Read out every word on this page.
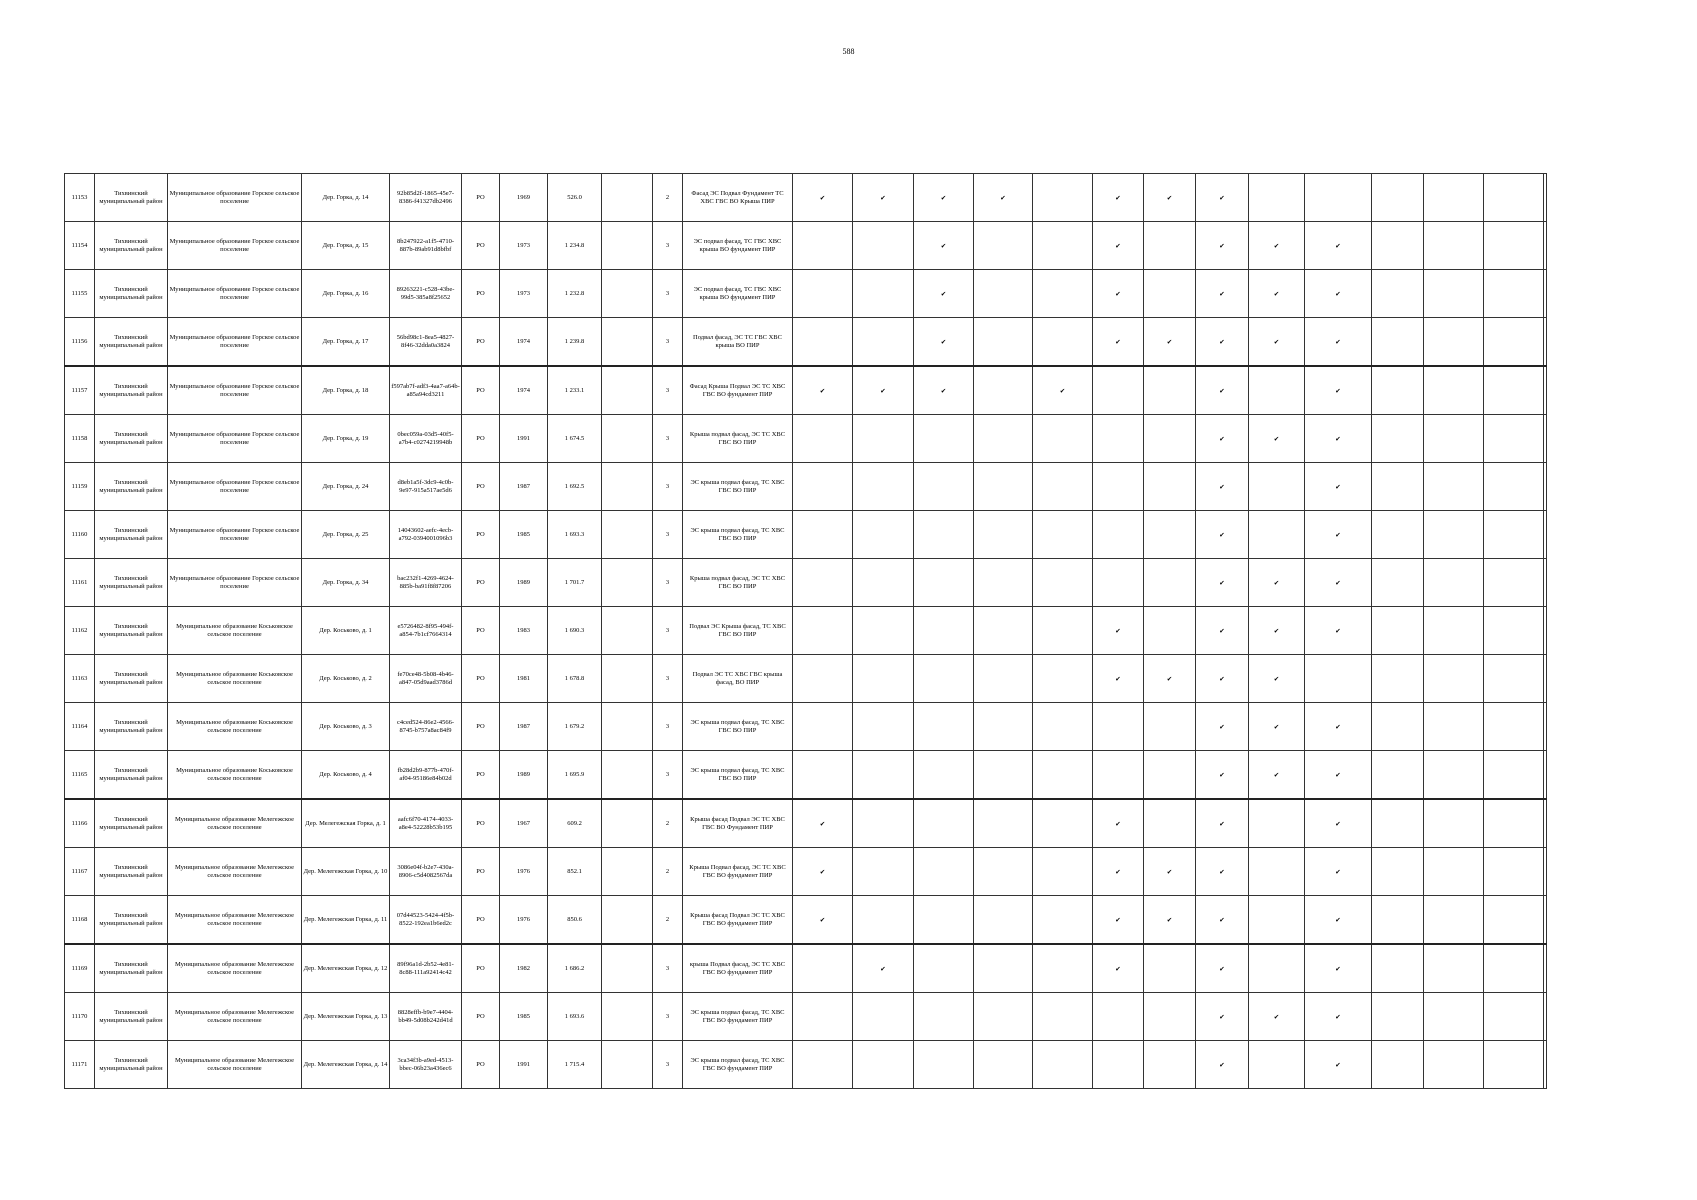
588
11153	Тихвинский муниципальный район	Муниципальное образование Горское сельское поселение	Дер. Горка, д. 14	92b85d2f-1865-45e7-8386-f41327db2496	РО	1969	526.0		2	Фасад ЭС Подвал Фундамент ТС ХВС ГВС ВО Крыша ПИР	✔	✔	✔	✔		✔	✔	✔						
11154	Тихвинский муниципальный район	Муниципальное образование Горское сельское поселение	Дер. Горка, д. 15	8b247922-a1f5-4710-887b-89ab91d8bfbf	РО	1973	1 234.8		3	ЭС подвал фасад, ТС ГВС ХВС крыша ВО фундамент ПИР			✔			✔		✔	✔	✔				
11155	Тихвинский муниципальный район	Муниципальное образование Горское сельское поселение	Дер. Горка, д. 16	89263221-c528-43be-99d5-385a8f25652	РО	1973	1 232.8		3	ЭС подвал фасад, ТС ГВС ХВС крыша ВО фундамент ПИР			✔			✔		✔	✔	✔				
11156	Тихвинский муниципальный район	Муниципальное образование Горское сельское поселение	Дер. Горка, д. 17	56bd98c1-8ea5-4827-8f46-32dda0a3824	РО	1974	1 239.8		3	Подвал фасад, ЭС ТС ГВС ХВС крыша ВО ПИР			✔			✔	✔	✔	✔	✔				
11157	Тихвинский муниципальный район	Муниципальное образование Горское сельское поселение	Дер. Горка, д. 18	f597ab7f-adf3-4aa7-a64b-a85a94cd3211	РО	1974	1 233.1		3	Фасад Крыша Подвал ЭС ТС ХВС ГВС ВО фундамент ПИР	✔	✔	✔		✔			✔		✔				
11158	Тихвинский муниципальный район	Муниципальное образование Горское сельское поселение	Дер. Горка, д. 19	0bec059a-03d5-40f5-a7b4-c0274219948b	РО	1991	1 674.5		3	Крыша подвал фасад, ЭС ТС ХВС ГВС ВО ПИР								✔	✔	✔				
11159	Тихвинский муниципальный район	Муниципальное образование Горское сельское поселение	Дер. Горка, д. 24	d8eb1a5f-3dc9-4c0b-9e97-915a517ae5d6	РО	1987	1 692.5		3	ЭС крыша подвал фасад, ТС ХВС ГВС ВО ПИР								✔		✔				
11160	Тихвинский муниципальный район	Муниципальное образование Горское сельское поселение	Дер. Горка, д. 25	14043602-aefc-4ecb-a792-0394001096b3	РО	1985	1 693.3		3	ЭС крыша подвал фасад, ТС ХВС ГВС ВО ПИР								✔		✔				
11161	Тихвинский муниципальный район	Муниципальное образование Горское сельское поселение	Дер. Горка, д. 34	bac232f1-4269-4624-885b-ba91f8f87206	РО	1989	1 701.7		3	Крыша подвал фасад, ЭС ТС ХВС ГВС ВО ПИР								✔	✔	✔				
11162	Тихвинский муниципальный район	Муниципальное образование Коськовское сельское поселение	Дер. Коськово, д. 1	e5726482-8f95-494f-a854-7b1cf7664314	РО	1983	1 690.3		3	Подвал ЭС Крыша фасад, ТС ХВС ГВС ВО ПИР						✔		✔	✔	✔				
11163	Тихвинский муниципальный район	Муниципальное образование Коськовское сельское поселение	Дер. Коськово, д. 2	fe70ce48-5b08-4b46-a847-05d9aad3786d	РО	1981	1 678.8		3	Подвал ЭС ТС ХВС ГВС крыша фасад, ВО ПИР						✔	✔	✔	✔					
11164	Тихвинский муниципальный район	Муниципальное образование Коськовское сельское поселение	Дер. Коськово, д. 3	c4ced524-86e2-4566-8745-b757a8ac84f9	РО	1987	1 679.2		3	ЭС крыша подвал фасад, ТС ХВС ГВС ВО ПИР								✔	✔	✔				
11165	Тихвинский муниципальный район	Муниципальное образование Коськовское сельское поселение	Дер. Коськово, д. 4	fb28d2b9-877b-470f-af04-95186e84b02d	РО	1989	1 695.9		3	ЭС крыша подвал фасад, ТС ХВС ГВС ВО ПИР								✔	✔	✔				
11166	Тихвинский муниципальный район	Муниципальное образование Мелегежское сельское поселение	Дер. Мелегежская Горка, д. 1	aafc6f70-4174-4033-a8e4-52228b53b195	РО	1967	609.2		2	Крыша фасад Подвал ЭС ТС ХВС ГВС ВО Фундамент ПИР	✔					✔		✔		✔				
11167	Тихвинский муниципальный район	Муниципальное образование Мелегежское сельское поселение	Дер. Мелегежская Горка, д. 10	3086e04f-b2e7-430a-8906-c5d4082567da	РО	1976	852.1		2	Крыша Подвал фасад, ЭС ТС ХВС ГВС ВО фундамент ПИР	✔					✔	✔	✔		✔				
11168	Тихвинский муниципальный район	Муниципальное образование Мелегежское сельское поселение	Дер. Мелегежская Горка, д. 11	07d44523-5424-4f5b-8522-192ea1b6ed2c	РО	1976	850.6		2	Крыша фасад Подвал ЭС ТС ХВС ГВС ВО фундамент ПИР	✔					✔	✔	✔		✔				
11169	Тихвинский муниципальный район	Муниципальное образование Мелегежское сельское поселение	Дер. Мелегежская Горка, д. 12	89f96a1d-2b52-4e81-8c88-111a92414c42	РО	1982	1 686.2		3	крыша Подвал фасад, ЭС ТС ХВС ГВС ВО фундамент ПИР		✔				✔		✔		✔				
11170	Тихвинский муниципальный район	Муниципальное образование Мелегежское сельское поселение	Дер. Мелегежская Горка, д. 13	8828effb-b9e7-4404-bb49-5d08b242d41d	РО	1985	1 693.6		3	ЭС крыша подвал фасад, ТС ХВС ГВС ВО фундамент ПИР								✔	✔	✔				
11171	Тихвинский муниципальный район	Муниципальное образование Мелегежское сельское поселение	Дер. Мелегежская Горка, д. 14	3ca34f3b-a9ed-4513-bbec-06b23a436ec6	РО	1991	1 715.4		3	ЭС крыша подвал фасад, ТС ХВС ГВС ВО фундамент ПИР								✔		✔				
